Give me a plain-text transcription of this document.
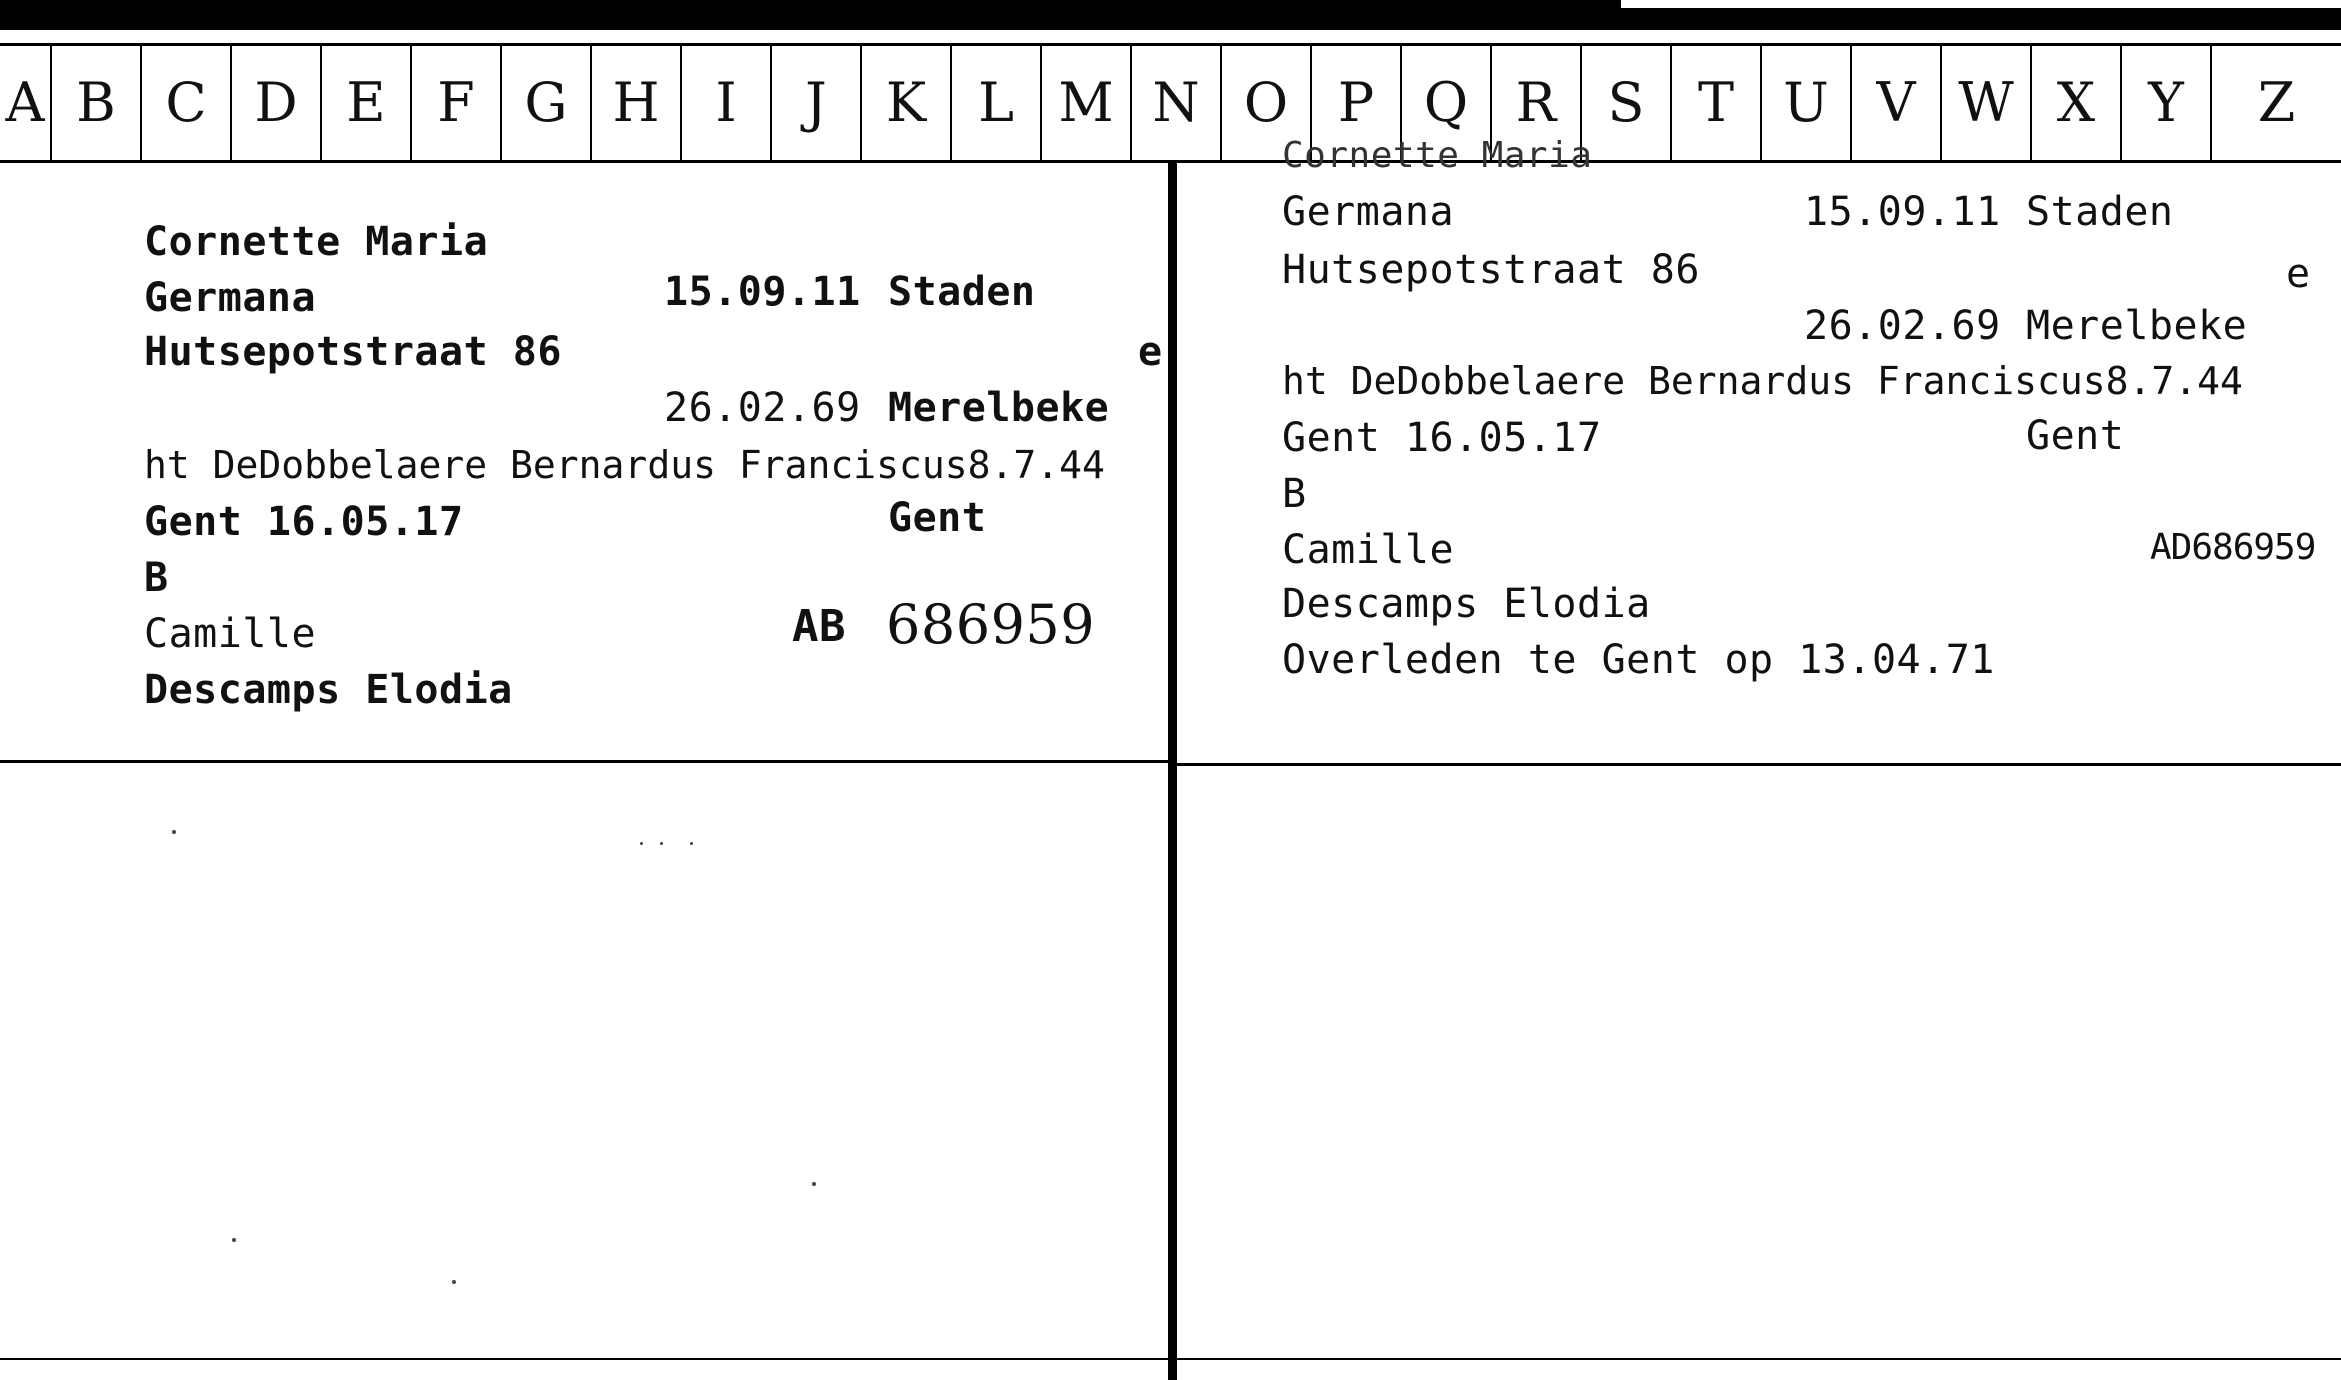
A B C D E F G H	I	J	K L M N O P Q R S T U V W X Y	Z
Cornette Maria
Germana	15.09.11 Staden
Hutsepotstraat 86	e
26.02.69 Merelbeke
ht DeDobbelaere Bernardus Franciscus8.7.44
Gent 16.05.17	Gent
B
Camille	AB 686959
Descamps Elodia
Cornette Maria
Germana	15.09.11 Staden
Hutsepotstraat 86	e
26.02.69 Merelbeke
ht DeDobbelaere Bernardus Franciscus8.7.44
Gent 16.05.17	Gent
B
Camille	AD686959
Descamps Elodia
Overleden te Gent op 13.04.71
